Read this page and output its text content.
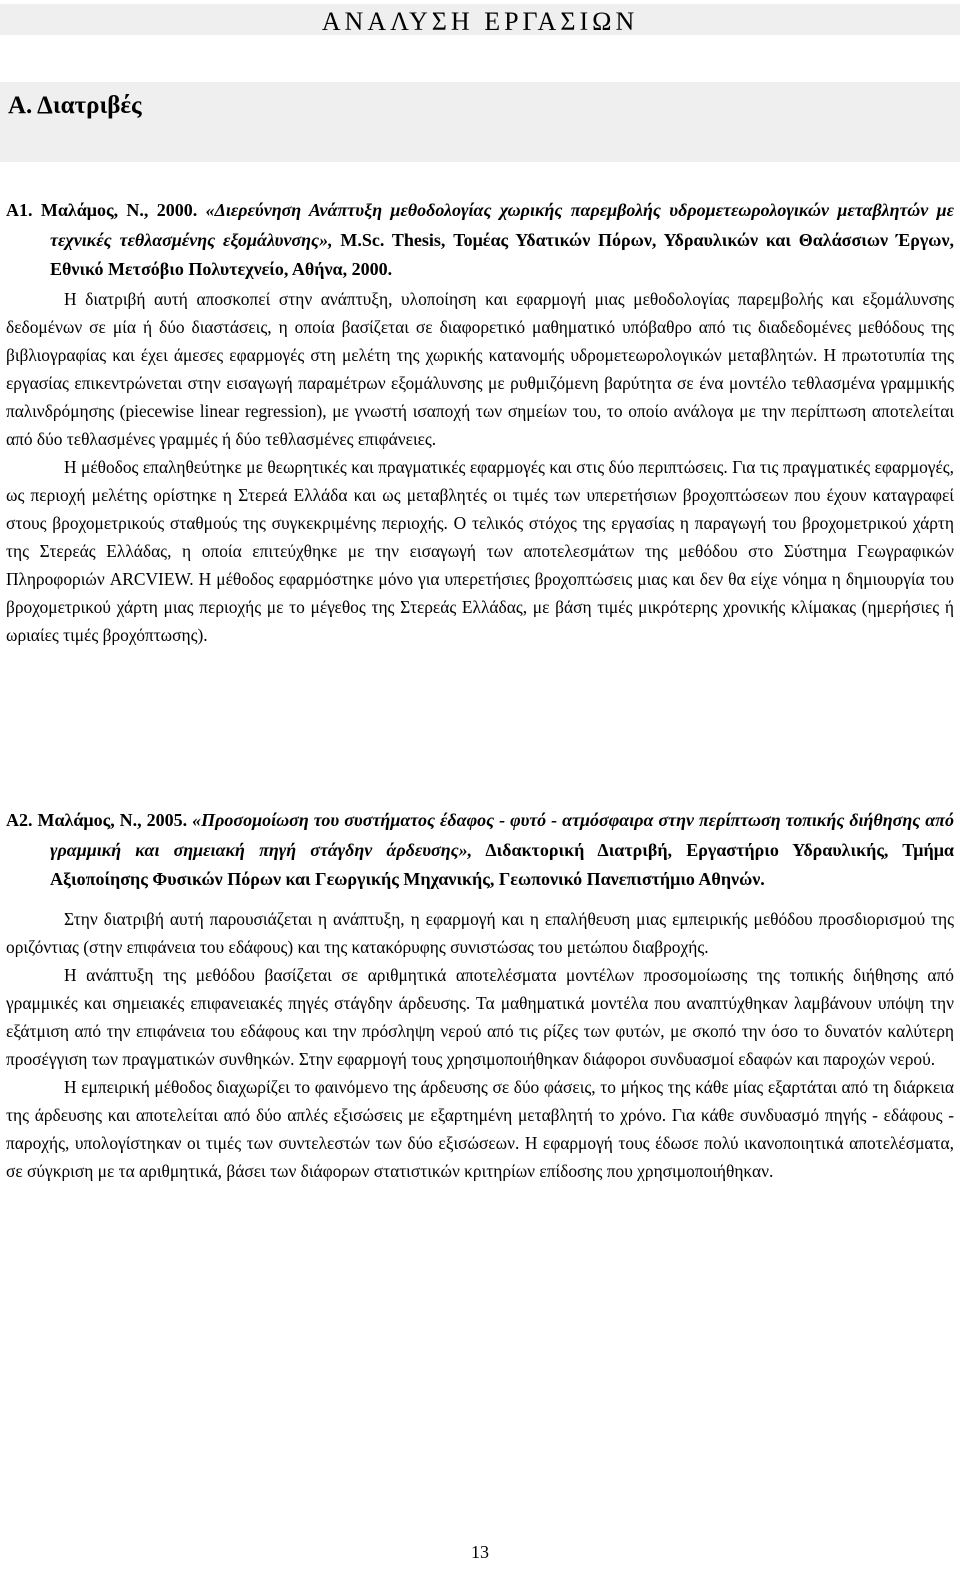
ΑΝΑΛΥΣΗ ΕΡΓΑΣΙΩΝ
Α. Διατριβές

Α1. Μαλάμος, Ν., 2000. «Διερεύνηση Ανάπτυξη μεθοδολογίας χωρικής παρεμβολής υδρομετεωρολογικών μεταβλητών με τεχνικές τεθλασμένης εξομάλυνσης», M.Sc. Thesis, Τομέας Υδατικών Πόρων, Υδραυλικών και Θαλάσσιων Έργων, Εθνικό Μετσόβιο Πολυτεχνείο, Αθήνα, 2000.

Η διατριβή αυτή αποσκοπεί στην ανάπτυξη, υλοποίηση και εφαρμογή μιας μεθοδολογίας παρεμβολής και εξομάλυνσης δεδομένων σε μία ή δύο διαστάσεις, η οποία βασίζεται σε διαφορετικό μαθηματικό υπόβαθρο από τις διαδεδομένες μεθόδους της βιβλιογραφίας και έχει άμεσες εφαρμογές στη μελέτη της χωρικής κατανομής υδρομετεωρολογικών μεταβλητών. Η πρωτοτυπία της εργασίας επικεντρώνεται στην εισαγωγή παραμέτρων εξομάλυνσης με ρυθμιζόμενη βαρύτητα σε ένα μοντέλο τεθλασμένα γραμμικής παλινδρόμησης (piecewise linear regression), με γνωστή ισαποχή των σημείων του, το οποίο ανάλογα με την περίπτωση αποτελείται από δύο τεθλασμένες γραμμές ή δύο τεθλασμένες επιφάνειες.

Η μέθοδος επαληθεύτηκε με θεωρητικές και πραγματικές εφαρμογές και στις δύο περιπτώσεις. Για τις πραγματικές εφαρμογές, ως περιοχή μελέτης ορίστηκε η Στερεά Ελλάδα και ως μεταβλητές οι τιμές των υπερετήσιων βροχοπτώσεων που έχουν καταγραφεί στους βροχομετρικούς σταθμούς της συγκεκριμένης περιοχής. Ο τελικός στόχος της εργασίας η παραγωγή του βροχομετρικού χάρτη της Στερεάς Ελλάδας, η οποία επιτεύχθηκε με την εισαγωγή των αποτελεσμάτων της μεθόδου στο Σύστημα Γεωγραφικών Πληροφοριών ARCVIEW. Η μέθοδος εφαρμόστηκε μόνο για υπερετήσιες βροχοπτώσεις μιας και δεν θα είχε νόημα η δημιουργία του βροχομετρικού χάρτη μιας περιοχής με το μέγεθος της Στερεάς Ελλάδας, με βάση τιμές μικρότερης χρονικής κλίμακας (ημερήσιες ή ωριαίες τιμές βροχόπτωσης).

Α2. Μαλάμος, Ν., 2005. «Προσομοίωση του συστήματος έδαφος - φυτό - ατμόσφαιρα στην περίπτωση τοπικής διήθησης από γραμμική και σημειακή πηγή στάγδην άρδευσης», Διδακτορική Διατριβή, Εργαστήριο Υδραυλικής, Τμήμα Αξιοποίησης Φυσικών Πόρων και Γεωργικής Μηχανικής, Γεωπονικό Πανεπιστήμιο Αθηνών.

Στην διατριβή αυτή παρουσιάζεται η ανάπτυξη, η εφαρμογή και η επαλήθευση μιας εμπειρικής μεθόδου προσδιορισμού της οριζόντιας (στην επιφάνεια του εδάφους) και της κατακόρυφης συνιστώσας του μετώπου διαβροχής.

Η ανάπτυξη της μεθόδου βασίζεται σε αριθμητικά αποτελέσματα μοντέλων προσομοίωσης της τοπικής διήθησης από γραμμικές και σημειακές επιφανειακές πηγές στάγδην άρδευσης. Τα μαθηματικά μοντέλα που αναπτύχθηκαν λαμβάνουν υπόψη την εξάτμιση από την επιφάνεια του εδάφους και την πρόσληψη νερού από τις ρίζες των φυτών, με σκοπό την όσο το δυνατόν καλύτερη προσέγγιση των πραγματικών συνθηκών. Στην εφαρμογή τους χρησιμοποιήθηκαν διάφοροι συνδυασμοί εδαφών και παροχών νερού.

Η εμπειρική μέθοδος διαχωρίζει το φαινόμενο της άρδευσης σε δύο φάσεις, το μήκος της κάθε μίας εξαρτάται από τη διάρκεια της άρδευσης και αποτελείται από δύο απλές εξισώσεις με εξαρτημένη μεταβλητή το χρόνο. Για κάθε συνδυασμό πηγής - εδάφους - παροχής, υπολογίστηκαν οι τιμές των συντελεστών των δύο εξισώσεων. Η εφαρμογή τους έδωσε πολύ ικανοποιητικά αποτελέσματα, σε σύγκριση με τα αριθμητικά, βάσει των διάφορων στατιστικών κριτηρίων επίδοσης που χρησιμοποιήθηκαν.

13
